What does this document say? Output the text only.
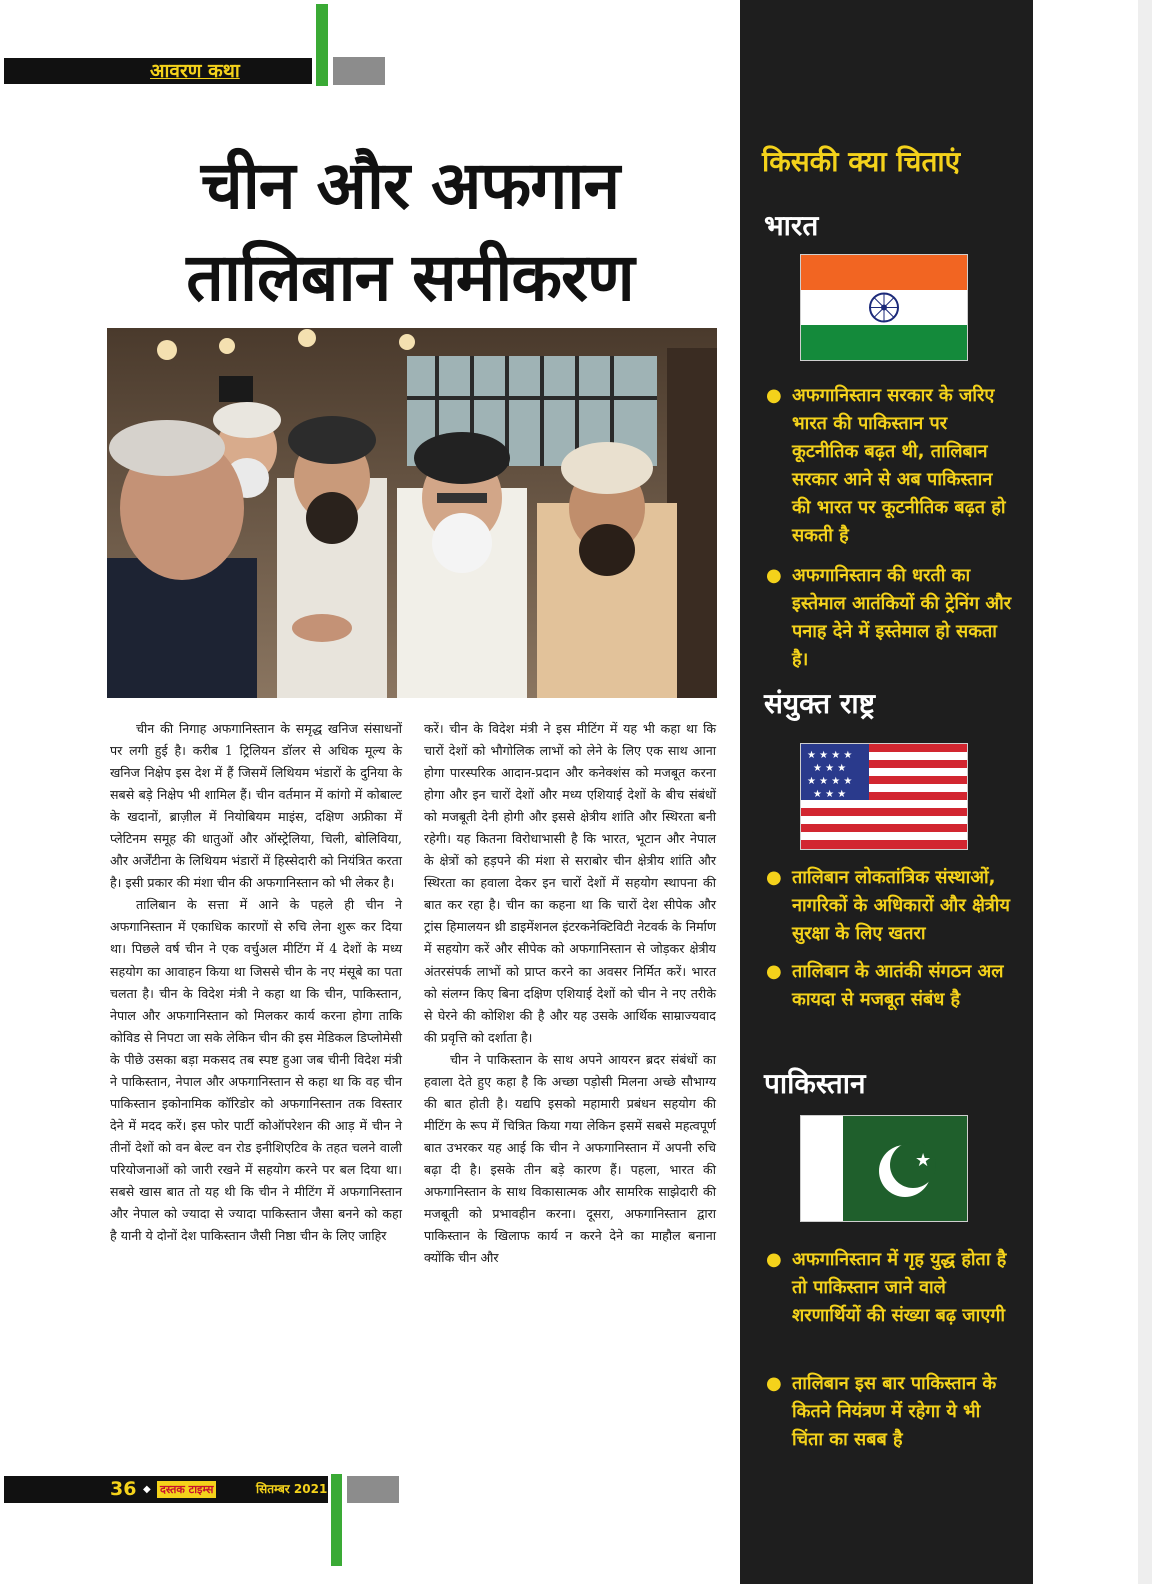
आवरण कथा
चीन और अफगान
तालिबान समीकरण

चीन की निगाह अफगानिस्तान के समृद्ध खनिज संसाधनों पर लगी हुई है। करीब 1 ट्रिलियन डॉलर से अधिक मूल्य के खनिज निक्षेप इस देश में हैं जिसमें लिथियम भंडारों के दुनिया के सबसे बड़े निक्षेप भी शामिल हैं। चीन वर्तमान में कांगो में कोबाल्ट के खदानों, ब्राज़ील में नियोबियम माइंस, दक्षिण अफ्रीका में प्लेटिनम समूह की धातुओं और ऑस्ट्रेलिया, चिली, बोलिविया, और अर्जेंटीना के लिथियम भंडारों में हिस्सेदारी को नियंत्रित करता है। इसी प्रकार की मंशा चीन की अफगानिस्तान को भी लेकर है।

तालिबान के सत्ता में आने के पहले ही चीन ने अफगानिस्तान में एकाधिक कारणों से रुचि लेना शुरू कर दिया था। पिछले वर्ष चीन ने एक वर्चुअल मीटिंग में 4 देशों के मध्य सहयोग का आवाहन किया था जिससे चीन के नए मंसूबे का पता चलता है। चीन के विदेश मंत्री ने कहा था कि चीन, पाकिस्तान, नेपाल और अफगानिस्तान को मिलकर कार्य करना होगा ताकि कोविड से निपटा जा सके लेकिन चीन की इस मेडिकल डिप्लोमेसी के पीछे उसका बड़ा मकसद तब स्पष्ट हुआ जब चीनी विदेश मंत्री ने पाकिस्तान, नेपाल और अफगानिस्तान से कहा था कि वह चीन पाकिस्तान इकोनामिक कॉरिडोर को अफगानिस्तान तक विस्तार देने में मदद करें। इस फोर पार्टी कोऑपरेशन की आड़ में चीन ने तीनों देशों को वन बेल्ट वन रोड इनीशिएटिव के तहत चलने वाली परियोजनाओं को जारी रखने में सहयोग करने पर बल दिया था। सबसे खास बात तो यह थी कि चीन ने मीटिंग में अफगानिस्तान और नेपाल को ज्यादा से ज्यादा पाकिस्तान जैसा बनने को कहा है यानी ये दोनों देश पाकिस्तान जैसी निष्ठा चीन के लिए जाहिर

करें। चीन के विदेश मंत्री ने इस मीटिंग में यह भी कहा था कि चारों देशों को भौगोलिक लाभों को लेने के लिए एक साथ आना होगा पारस्परिक आदान-प्रदान और कनेक्शंस को मजबूत करना होगा और इन चारों देशों और मध्य एशियाई देशों के बीच संबंधों को मजबूती देनी होगी और इससे क्षेत्रीय शांति और स्थिरता बनी रहेगी। यह कितना विरोधाभासी है कि भारत, भूटान और नेपाल के क्षेत्रों को हड़पने की मंशा से सराबोर चीन क्षेत्रीय शांति और स्थिरता का हवाला देकर इन चारों देशों में सहयोग स्थापना की बात कर रहा है। चीन का कहना था कि चारों देश सीपेक और ट्रांस हिमालयन थ्री डाइमेंशनल इंटरकनेक्टिविटी नेटवर्क के निर्माण में सहयोग करें और सीपेक को अफगानिस्तान से जोड़कर क्षेत्रीय अंतरसंपर्क लाभों को प्राप्त करने का अवसर निर्मित करें। भारत को संलग्न किए बिना दक्षिण एशियाई देशों को चीन ने नए तरीके से घेरने की कोशिश की है और यह उसके आर्थिक साम्राज्यवाद की प्रवृत्ति को दर्शाता है।

चीन ने पाकिस्तान के साथ अपने आयरन ब्रदर संबंधों का हवाला देते हुए कहा है कि अच्छा पड़ोसी मिलना अच्छे सौभाग्य की बात होती है। यद्यपि इसको महामारी प्रबंधन सहयोग की मीटिंग के रूप में चित्रित किया गया लेकिन इसमें सबसे महत्वपूर्ण बात उभरकर यह आई कि चीन ने अफगानिस्तान में अपनी रुचि बढ़ा दी है। इसके तीन बड़े कारण हैं। पहला, भारत की अफगानिस्तान के साथ विकासात्मक और सामरिक साझेदारी की मजबूती को प्रभावहीन करना। दूसरा, अफगानिस्तान द्वारा पाकिस्तान के खिलाफ कार्य न करने देने का माहौल बनाना क्योंकि चीन और

36 ◆ दस्तक टाइम्स	सितम्बर 2021
किसकी क्या चिताएं
भारत
● अफगानिस्तान सरकार के जरिए भारत की पाकिस्तान पर कूटनीतिक बढ़त थी, तालिबान सरकार आने से अब पाकिस्तान की भारत पर कूटनीतिक बढ़त हो सकती है
● अफगानिस्तान की धरती का इस्तेमाल आतंकियों की ट्रेनिंग और पनाह देने में इस्तेमाल हो सकता है।
संयुक्त राष्ट्र
★ ★ ★ ★
★ ★ ★
★ ★ ★ ★
★ ★ ★
● तालिबान लोकतांत्रिक संस्थाओं, नागरिकों के अधिकारों और क्षेत्रीय सुरक्षा के लिए खतरा
● तालिबान के आतंकी संगठन अल कायदा से मजबूत संबंध है
पाकिस्तान
★
● अफगानिस्तान में गृह युद्ध होता है तो पाकिस्तान जाने वाले शरणार्थियों की संख्या बढ़ जाएगी
● तालिबान इस बार पाकिस्तान के कितने नियंत्रण में रहेगा ये भी चिंता का सबब है
